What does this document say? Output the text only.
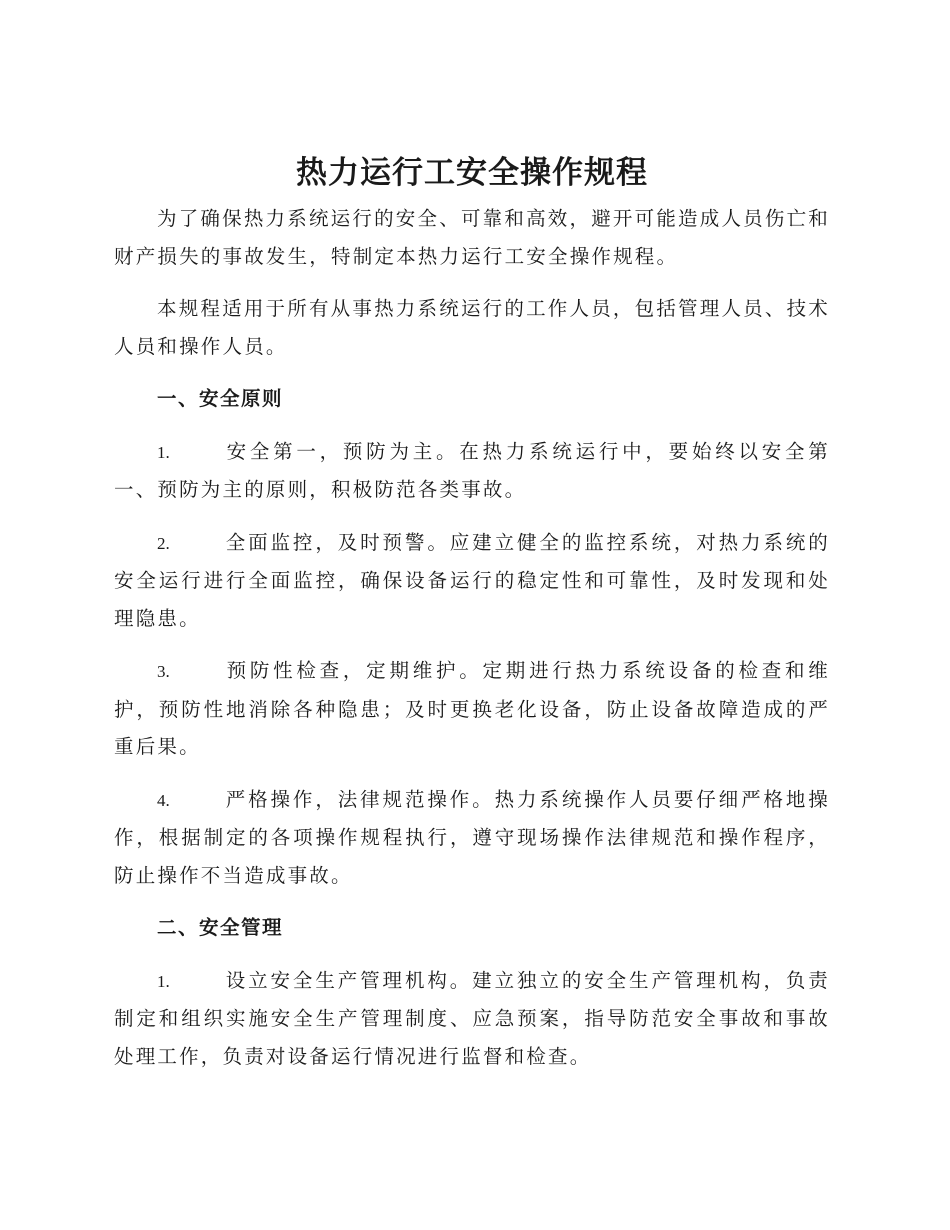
热力运行工安全操作规程

为了确保热力系统运行的安全、可靠和高效，避开可能造成人员伤亡和财产损失的事故发生，特制定本热力运行工安全操作规程。

本规程适用于所有从事热力系统运行的工作人员，包括管理人员、技术人员和操作人员。

一、安全原则

1.	安全第一，预防为主。在热力系统运行中，要始终以安全第一、预防为主的原则，积极防范各类事故。

2.	全面监控，及时预警。应建立健全的监控系统，对热力系统的安全运行进行全面监控，确保设备运行的稳定性和可靠性，及时发现和处理隐患。

3.	预防性检查，定期维护。定期进行热力系统设备的检查和维护，预防性地消除各种隐患；及时更换老化设备，防止设备故障造成的严重后果。

4.	严格操作，法律规范操作。热力系统操作人员要仔细严格地操作，根据制定的各项操作规程执行，遵守现场操作法律规范和操作程序，防止操作不当造成事故。

二、安全管理

1.	设立安全生产管理机构。建立独立的安全生产管理机构，负责制定和组织实施安全生产管理制度、应急预案，指导防范安全事故和事故处理工作，负责对设备运行情况进行监督和检查。
